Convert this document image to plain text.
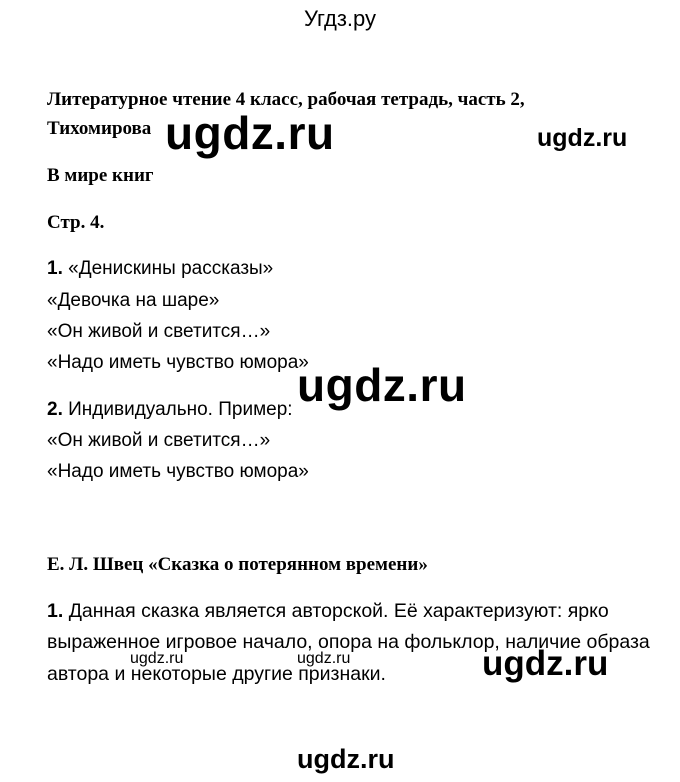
Угдз.ру
Литературное чтение 4 класс, рабочая тетрадь, часть 2,
Тихомирова
В мире книг
Стр. 4.
1. «Денискины рассказы»
«Девочка на шаре»
«Он живой и светится…»
«Надо иметь чувство юмора»
2. Индивидуально. Пример:
«Он живой и светится…»
«Надо иметь чувство юмора»
Е. Л. Швец «Сказка о потерянном времени»
1. Данная сказка является авторской. Её характеризуют: ярко
выраженное игровое начало, опора на фольклор, наличие образа
автора и некоторые другие признаки.
ugdz.ru	ugdz.ru
ugdz.ru
ugdz.ru	ugdz.ru	ugdz.ru
ugdz.ru
